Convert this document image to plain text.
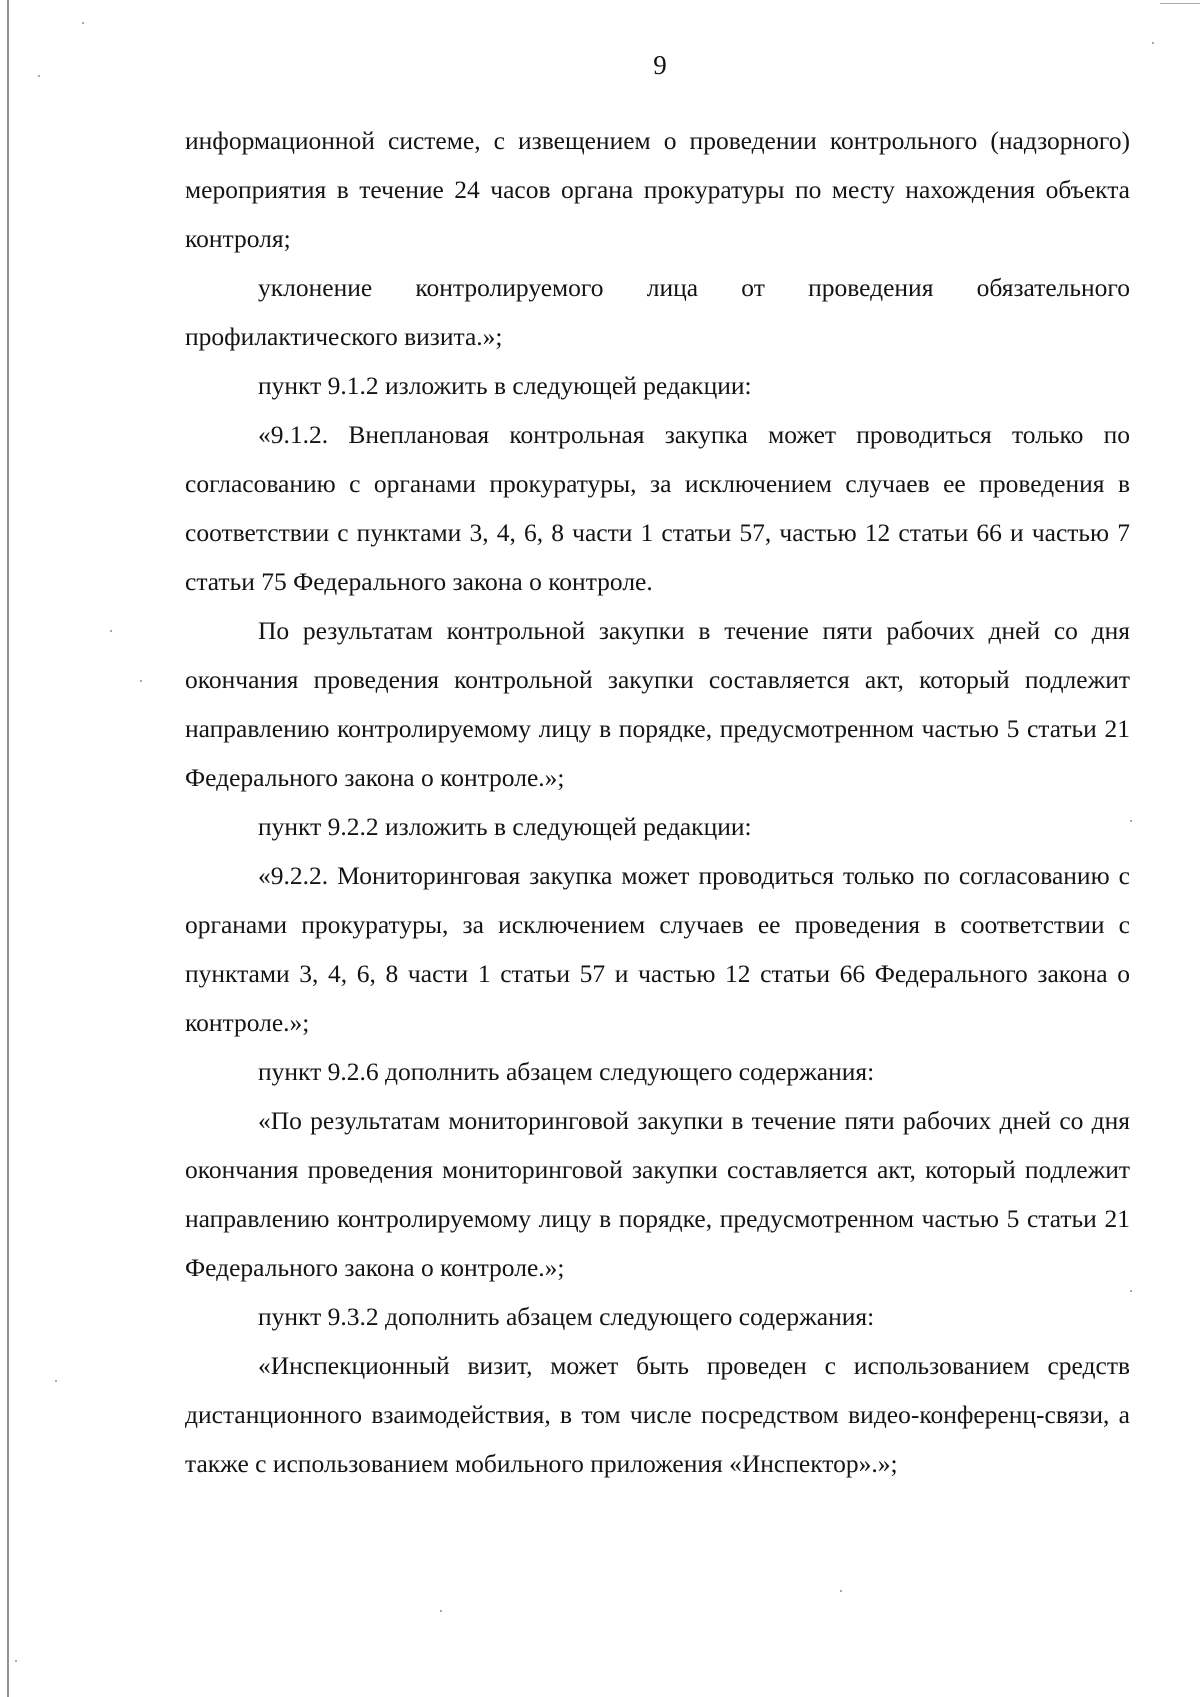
9

информационной системе, с извещением о проведении контрольного (надзорного) мероприятия в течение 24 часов органа прокуратуры по месту нахождения объекта контроля;

уклонение контролируемого лица от проведения обязательного профилактического визита.»;

пункт 9.1.2 изложить в следующей редакции:

«9.1.2. Внеплановая контрольная закупка может проводиться только по согласованию с органами прокуратуры, за исключением случаев ее проведения в соответствии с пунктами 3, 4, 6, 8 части 1 статьи 57, частью 12 статьи 66 и частью 7 статьи 75 Федерального закона о контроле.

По результатам контрольной закупки в течение пяти рабочих дней со дня окончания проведения контрольной закупки составляется акт, который подлежит направлению контролируемому лицу в порядке, предусмотренном частью 5 статьи 21 Федерального закона о контроле.»;

пункт 9.2.2 изложить в следующей редакции:

«9.2.2. Мониторинговая закупка может проводиться только по согласованию с органами прокуратуры, за исключением случаев ее проведения в соответствии с пунктами 3, 4, 6, 8 части 1 статьи 57 и частью 12 статьи 66 Федерального закона о контроле.»;

пункт 9.2.6 дополнить абзацем следующего содержания:

«По результатам мониторинговой закупки в течение пяти рабочих дней со дня окончания проведения мониторинговой закупки составляется акт, который подлежит направлению контролируемому лицу в порядке, предусмотренном частью 5 статьи 21 Федерального закона о контроле.»;

пункт 9.3.2 дополнить абзацем следующего содержания:

«Инспекционный визит, может быть проведен с использованием средств дистанционного взаимодействия, в том числе посредством видео-конференц-связи, а также с использованием мобильного приложения «Инспектор».»;
